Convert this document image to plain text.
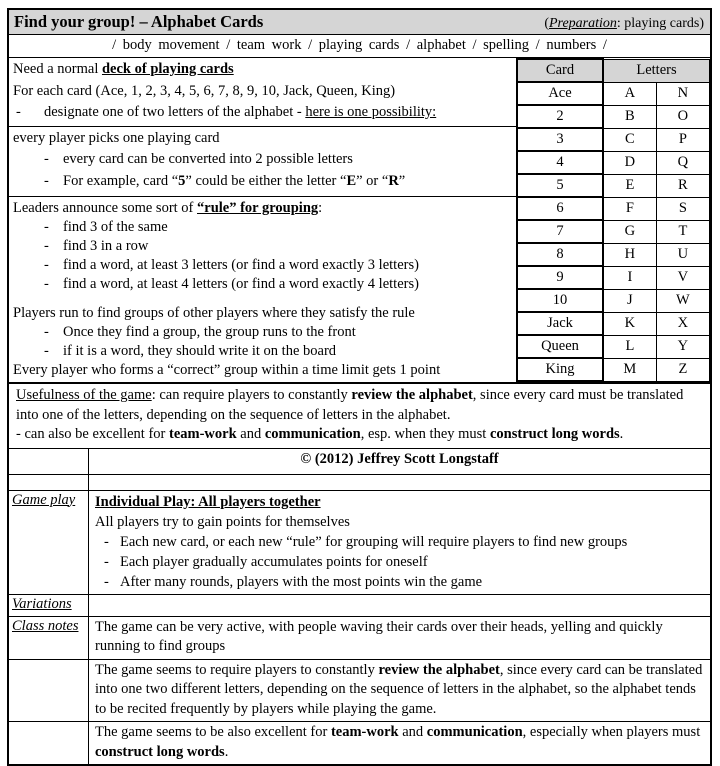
Find your group! – Alphabet Cards	(Preparation: playing cards)
/ body movement / team work / playing cards / alphabet / spelling / numbers /
Need a normal deck of playing cards
For each card (Ace, 1, 2, 3, 4, 5, 6, 7, 8, 9, 10, Jack, Queen, King)
- designate one of two letters of the alphabet - here is one possibility:
every player picks one playing card
- every card can be converted into 2 possible letters
- For example, card “5” could be either the letter “E” or “R”
Leaders announce some sort of “rule” for grouping:
- find 3 of the same
- find 3 in a row
- find a word, at least 3 letters (or find a word exactly 3 letters)
- find a word, at least 4 letters (or find a word exactly 4 letters)
Players run to find groups of other players where they satisfy the rule
- Once they find a group, the group runs to the front
- if it is a word, they should write it on the board
Every player who forms a “correct” group within a time limit gets 1 point
Card	Letters	
Ace	A	N
2	B	O
3	C	P
4	D	Q
5	E	R
6	F	S
7	G	T
8	H	U
9	I	V
10	J	W
Jack	K	X
Queen	L	Y
King	M	Z
Usefulness of the game: can require players to constantly review the alphabet, since every card must be translated into one of the letters, depending on the sequence of letters in the alphabet.
- can also be excellent for team-work and communication, esp. when they must construct long words.
© (2012) Jeffrey Scott Longstaff
Game play	Individual Play: All players together
All players try to gain points for themselves
- Each new card, or each new “rule” for grouping will require players to find new groups
- Each player gradually accumulates points for oneself
- After many rounds, players with the most points win the game
Variations
Class notes	The game can be very active, with people waving their cards over their heads, yelling and quickly running to find groups
The game seems to require players to constantly review the alphabet, since every card can be translated into one two different letters, depending on the sequence of letters in the alphabet, so the alphabet tends to be recited frequently by players while playing the game.
The game seems to be also excellent for team-work and communication, especially when players must construct long words.
